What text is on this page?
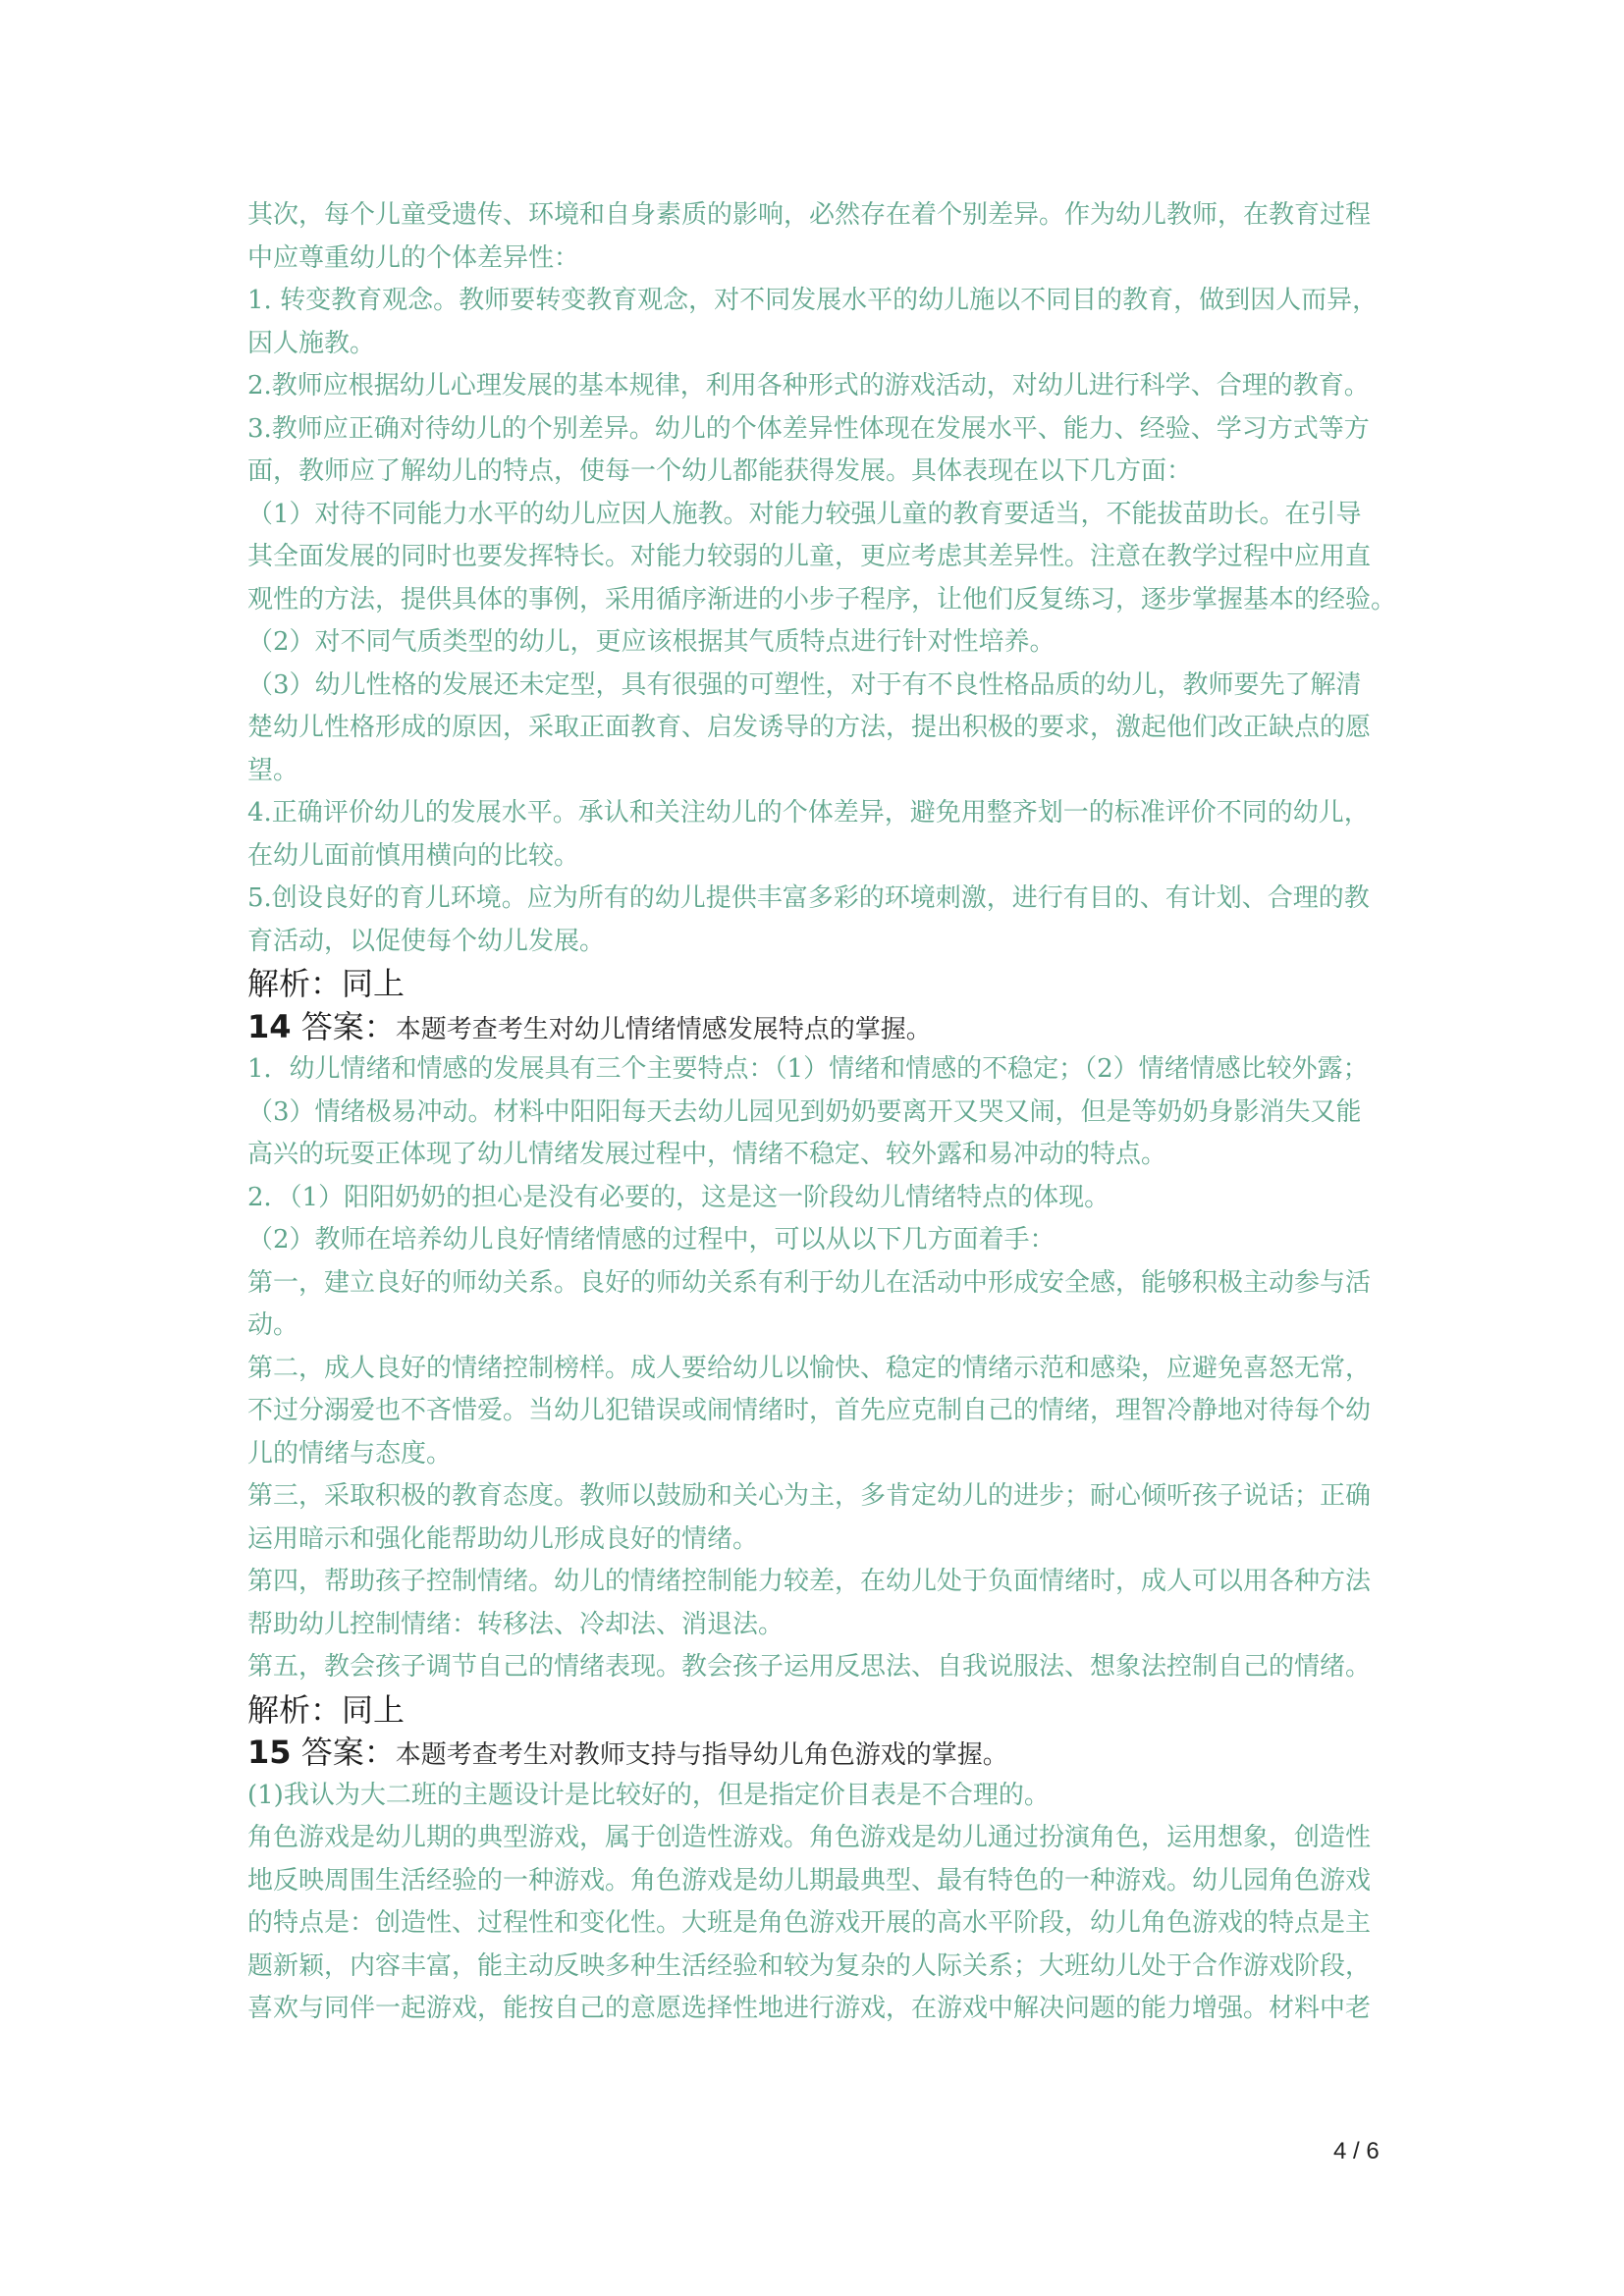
其次，每个儿童受遗传、环境和自身素质的影响，必然存在着个别差异。作为幼儿教师，在教育过程

中应尊重幼儿的个体差异性：

1. 转变教育观念。教师要转变教育观念，对不同发展水平的幼儿施以不同目的教育，做到因人而异，

因人施教。

2.教师应根据幼儿心理发展的基本规律，利用各种形式的游戏活动，对幼儿进行科学、合理的教育。

3.教师应正确对待幼儿的个别差异。幼儿的个体差异性体现在发展水平、能力、经验、学习方式等方

面，教师应了解幼儿的特点，使每一个幼儿都能获得发展。具体表现在以下几方面：

（1）对待不同能力水平的幼儿应因人施教。对能力较强儿童的教育要适当，不能拔苗助长。在引导

其全面发展的同时也要发挥特长。对能力较弱的儿童，更应考虑其差异性。注意在教学过程中应用直

观性的方法，提供具体的事例，采用循序渐进的小步子程序，让他们反复练习，逐步掌握基本的经验。

（2）对不同气质类型的幼儿，更应该根据其气质特点进行针对性培养。

（3）幼儿性格的发展还未定型，具有很强的可塑性，对于有不良性格品质的幼儿，教师要先了解清

楚幼儿性格形成的原因，采取正面教育、启发诱导的方法，提出积极的要求，激起他们改正缺点的愿

望。

4.正确评价幼儿的发展水平。承认和关注幼儿的个体差异，避免用整齐划一的标准评价不同的幼儿，

在幼儿面前慎用横向的比较。

5.创设良好的育儿环境。应为所有的幼儿提供丰富多彩的环境刺激，进行有目的、有计划、合理的教

育活动，以促使每个幼儿发展。

解析：同上

14 答案：本题考查考生对幼儿情绪情感发展特点的掌握。

1．幼儿情绪和情感的发展具有三个主要特点：（1）情绪和情感的不稳定；（2）情绪情感比较外露；

（3）情绪极易冲动。材料中阳阳每天去幼儿园见到奶奶要离开又哭又闹，但是等奶奶身影消失又能

高兴的玩耍正体现了幼儿情绪发展过程中，情绪不稳定、较外露和易冲动的特点。

2．（1）阳阳奶奶的担心是没有必要的，这是这一阶段幼儿情绪特点的体现。

（2）教师在培养幼儿良好情绪情感的过程中，可以从以下几方面着手：

第一，建立良好的师幼关系。良好的师幼关系有利于幼儿在活动中形成安全感，能够积极主动参与活

动。

第二，成人良好的情绪控制榜样。成人要给幼儿以愉快、稳定的情绪示范和感染，应避免喜怒无常，

不过分溺爱也不吝惜爱。当幼儿犯错误或闹情绪时，首先应克制自己的情绪，理智冷静地对待每个幼

儿的情绪与态度。

第三，采取积极的教育态度。教师以鼓励和关心为主，多肯定幼儿的进步；耐心倾听孩子说话；正确

运用暗示和强化能帮助幼儿形成良好的情绪。

第四，帮助孩子控制情绪。幼儿的情绪控制能力较差，在幼儿处于负面情绪时，成人可以用各种方法

帮助幼儿控制情绪：转移法、冷却法、消退法。

第五，教会孩子调节自己的情绪表现。教会孩子运用反思法、自我说服法、想象法控制自己的情绪。

解析：同上

15 答案：本题考查考生对教师支持与指导幼儿角色游戏的掌握。

(1)我认为大二班的主题设计是比较好的，但是指定价目表是不合理的。

角色游戏是幼儿期的典型游戏，属于创造性游戏。角色游戏是幼儿通过扮演角色，运用想象，创造性

地反映周围生活经验的一种游戏。角色游戏是幼儿期最典型、最有特色的一种游戏。幼儿园角色游戏

的特点是：创造性、过程性和变化性。大班是角色游戏开展的高水平阶段，幼儿角色游戏的特点是主

题新颖，内容丰富，能主动反映多种生活经验和较为复杂的人际关系；大班幼儿处于合作游戏阶段，

喜欢与同伴一起游戏，能按自己的意愿选择性地进行游戏，在游戏中解决问题的能力增强。材料中老

4 / 6
